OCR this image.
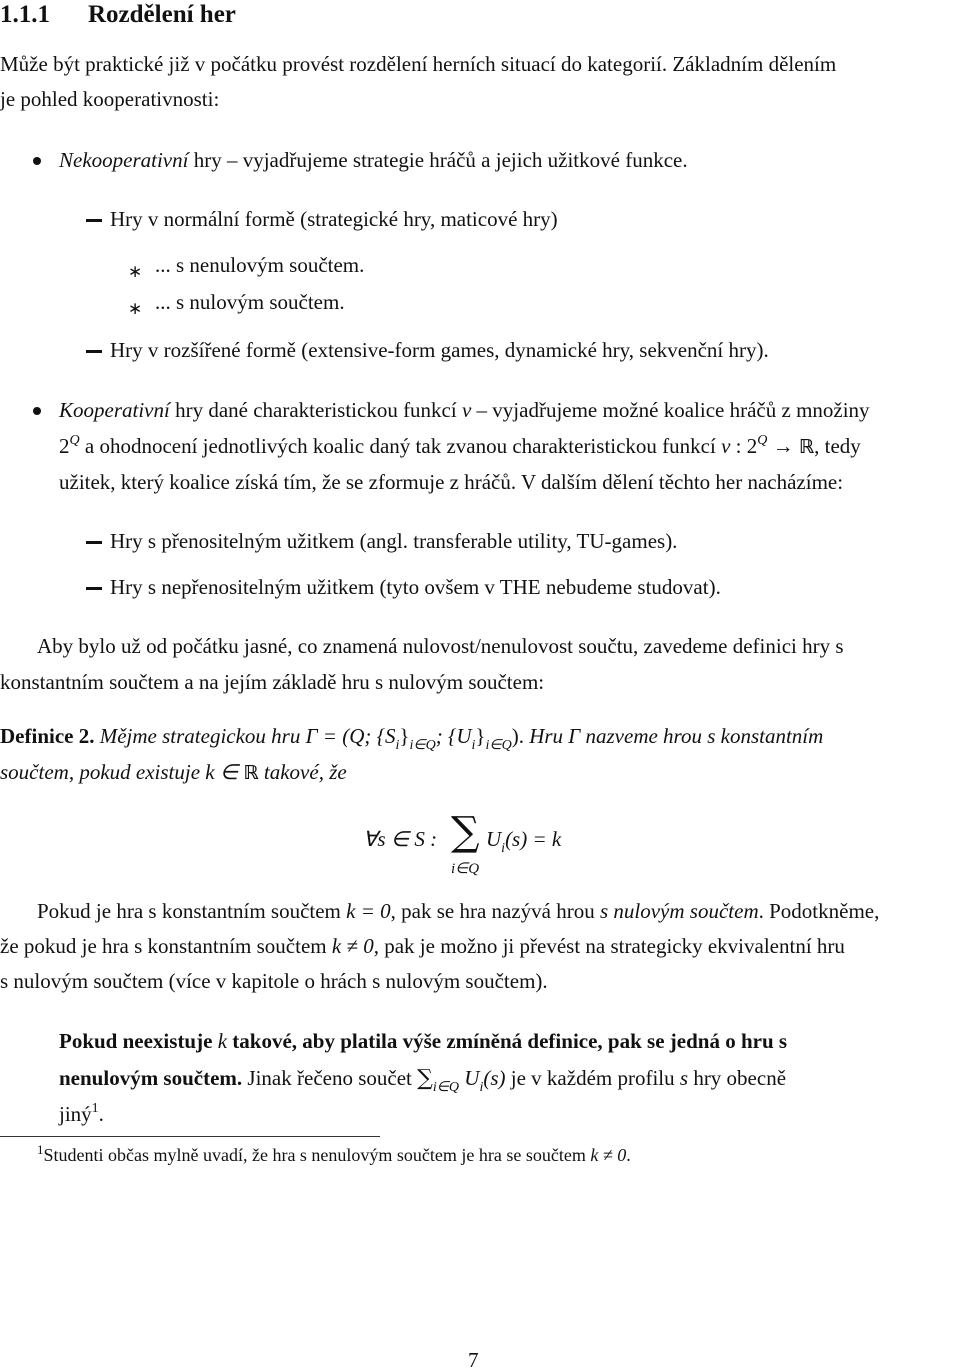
1.1.1 Rozdělení her
Může být praktické již v počátku provést rozdělení herních situací do kategorií. Základním dělením
je pohled kooperativnosti:
Nekooperativní hry – vyjadřujeme strategie hráčů a jejich užitkové funkce.
Hry v normální formě (strategické hry, maticové hry)
∗ ... s nenulovým součtem.
∗ ... s nulovým součtem.
Hry v rozšířené formě (extensive-form games, dynamické hry, sekvenční hry).
Kooperativní hry dané charakteristickou funkcí v – vyjadřujeme možné koalice hráčů z množiny
$2^Q$ a ohodnocení jednotlivých koalic daný tak zvanou charakteristickou funkcí v : $2^Q$ → ℝ, tedy
užitek, který koalice získá tím, že se zformuje z hráčů. V dalším dělení těchto her nacházíme:
Hry s přenositelným užitkem (angl. transferable utility, TU-games).
Hry s nepřenositelným užitkem (tyto ovšem v THE nebudeme studovat).
Aby bylo už od počátku jasné, co znamená nulovost/nenulovost součtu, zavedeme definici hry s
konstantním součtem a na jejím základě hru s nulovým součtem:
Definice 2. Mějme strategickou hru Γ = (Q; $\{S_i\}_{i\in Q}$; $\{U_i\}_{i\in Q}$). Hru Γ nazveme hrou s konstantním
součtem, pokud existuje k ∈ ℝ takové, že
∀s ∈ S : ∑ $U_i(s) = k$
i∈Q
Pokud je hra s konstantním součtem k = 0, pak se hra nazývá hrou s nulovým součtem. Podotkněme,
že pokud je hra s konstantním součtem k ≠ 0, pak je možno ji převést na strategicky ekvivalentní hru
s nulovým součtem (více v kapitole o hrách s nulovým součtem).
Pokud neexistuje k takové, aby platila výše zmíněná definice, pak se jedná o hru s
nenulovým součtem. Jinak řečeno součet $\sum_{i\in Q}$ $U_i(s)$ je v každém profilu s hry obecně
jiný$^1$.
$^1$Studenti občas mylně uvadí, že hra s nenulovým součtem je hra se součtem k ≠ 0.
7
